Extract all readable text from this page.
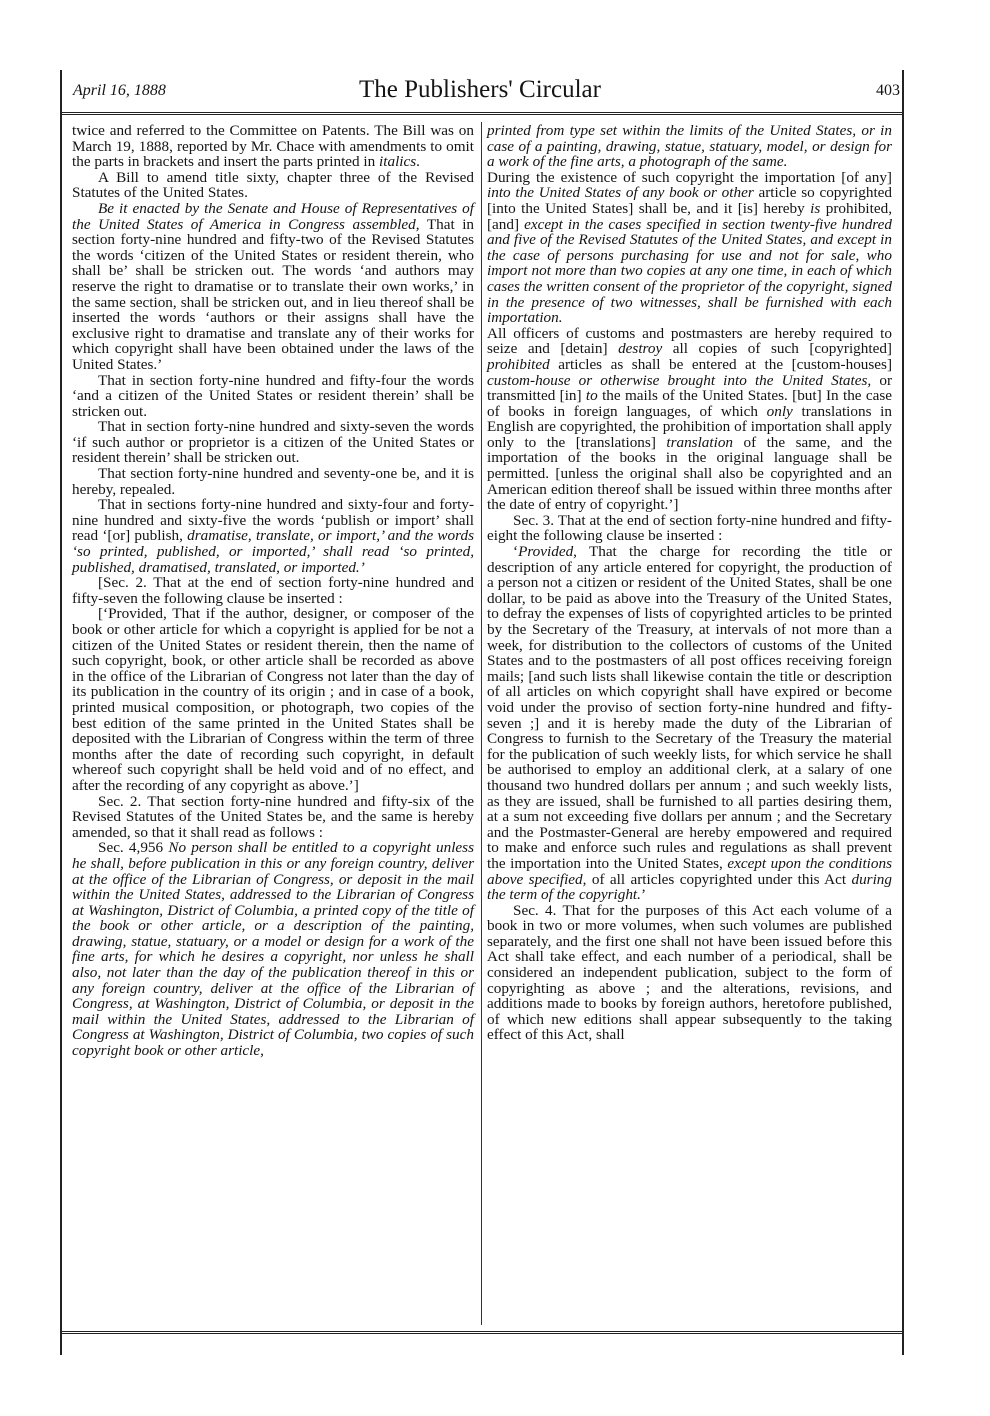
April 16, 1888	The Publishers' Circular	403

twice and referred to the Committee on Patents. The Bill was on March 19, 1888, reported by Mr. Chace with amendments to omit the parts in brackets and insert the parts printed in italics.

A Bill to amend title sixty, chapter three of the Revised Statutes of the United States.

Be it enacted by the Senate and House of Representatives of the United States of America in Congress assembled, That in section forty-nine hundred and fifty-two of the Revised Statutes the words ‘citizen of the United States or resident therein, who shall be’ shall be stricken out. The words ‘and authors may reserve the right to dramatise or to translate their own works,’ in the same section, shall be stricken out, and in lieu thereof shall be inserted the words ‘authors or their assigns shall have the exclusive right to dramatise and translate any of their works for which copyright shall have been obtained under the laws of the United States.’

That in section forty-nine hundred and fifty-four the words ‘and a citizen of the United States or resident therein’ shall be stricken out.

That in section forty-nine hundred and sixty-seven the words ‘if such author or proprietor is a citizen of the United States or resident therein’ shall be stricken out.

That section forty-nine hundred and seventy-one be, and it is hereby, repealed.

That in sections forty-nine hundred and sixty-four and forty-nine hundred and sixty-five the words ‘publish or import’ shall read ‘[or] publish, dramatise, translate, or import,’ and the words ‘so printed, published, or imported,’ shall read ‘so printed, published, dramatised, translated, or imported.’

[Sec. 2. That at the end of section forty-nine hundred and fifty-seven the following clause be inserted :

[‘Provided, That if the author, designer, or composer of the book or other article for which a copyright is applied for be not a citizen of the United States or resident therein, then the name of such copyright, book, or other article shall be recorded as above in the office of the Librarian of Congress not later than the day of its publication in the country of its origin ; and in case of a book, printed musical composition, or photograph, two copies of the best edition of the same printed in the United States shall be deposited with the Librarian of Congress within the term of three months after the date of recording such copyright, in default whereof such copyright shall be held void and of no effect, and after the recording of any copyright as above.’]

Sec. 2. That section forty-nine hundred and fifty-six of the Revised Statutes of the United States be, and the same is hereby amended, so that it shall read as follows :

Sec. 4,956 No person shall be entitled to a copyright unless he shall, before publication in this or any foreign country, deliver at the office of the Librarian of Congress, or deposit in the mail within the United States, addressed to the Librarian of Congress at Washington, District of Columbia, a printed copy of the title of the book or other article, or a description of the painting, drawing, statue, statuary, or a model or design for a work of the fine arts, for which he desires a copyright, nor unless he shall also, not later than the day of the publication thereof in this or any foreign country, deliver at the office of the Librarian of Congress, at Washington, District of Columbia, or deposit in the mail within the United States, addressed to the Librarian of Congress at Washington, District of Columbia, two copies of such copyright book or other article,

printed from type set within the limits of the United States, or in case of a painting, drawing, statue, statuary, model, or design for a work of the fine arts, a photograph of the same.

During the existence of such copyright the importation [of any] into the United States of any book or other article so copyrighted [into the United States] shall be, and it [is] hereby is prohibited, [and] except in the cases specified in section twenty-five hundred and five of the Revised Statutes of the United States, and except in the case of persons purchasing for use and not for sale, who import not more than two copies at any one time, in each of which cases the written consent of the proprietor of the copyright, signed in the presence of two witnesses, shall be furnished with each importation.

All officers of customs and postmasters are hereby required to seize and [detain] destroy all copies of such [copyrighted] prohibited articles as shall be entered at the [custom-houses] custom-house or otherwise brought into the United States, or transmitted [in] to the mails of the United States. [but] In the case of books in foreign languages, of which only translations in English are copyrighted, the prohibition of importation shall apply only to the [translations] translation of the same, and the importation of the books in the original language shall be permitted. [unless the original shall also be copyrighted and an American edition thereof shall be issued within three months after the date of entry of copyright.’]

Sec. 3. That at the end of section forty-nine hundred and fifty-eight the following clause be inserted :

‘Provided, That the charge for recording the title or description of any article entered for copyright, the production of a person not a citizen or resident of the United States, shall be one dollar, to be paid as above into the Treasury of the United States, to defray the expenses of lists of copyrighted articles to be printed by the Secretary of the Treasury, at intervals of not more than a week, for distribution to the collectors of customs of the United States and to the postmasters of all post offices receiving foreign mails; [and such lists shall likewise contain the title or description of all articles on which copyright shall have expired or become void under the proviso of section forty-nine hundred and fifty-seven ;] and it is hereby made the duty of the Librarian of Congress to furnish to the Secretary of the Treasury the material for the publication of such weekly lists, for which service he shall be authorised to employ an additional clerk, at a salary of one thousand two hundred dollars per annum ; and such weekly lists, as they are issued, shall be furnished to all parties desiring them, at a sum not exceeding five dollars per annum ; and the Secretary and the Postmaster-General are hereby empowered and required to make and enforce such rules and regulations as shall prevent the importation into the United States, except upon the conditions above specified, of all articles copyrighted under this Act during the term of the copyright.’

Sec. 4. That for the purposes of this Act each volume of a book in two or more volumes, when such volumes are published separately, and the first one shall not have been issued before this Act shall take effect, and each number of a periodical, shall be considered an independent publication, subject to the form of copyrighting as above ; and the alterations, revisions, and additions made to books by foreign authors, heretofore published, of which new editions shall appear subsequently to the taking effect of this Act, shall
